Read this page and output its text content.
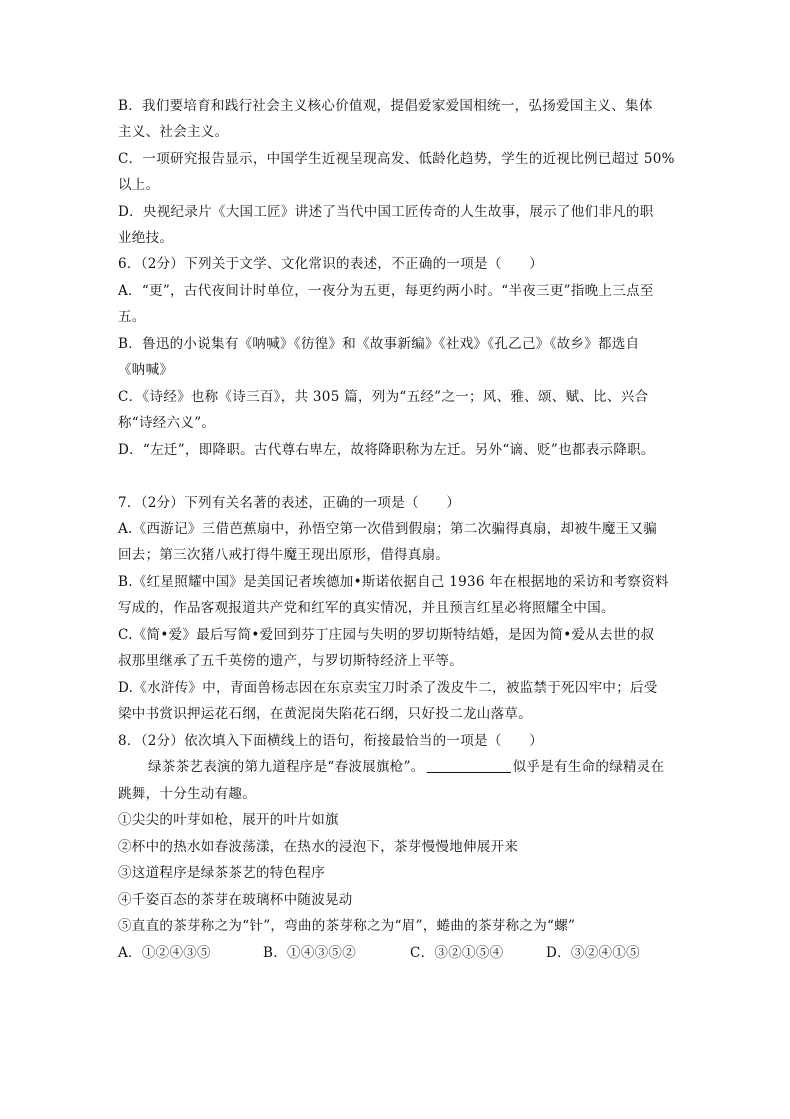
B．我们要培育和践行社会主义核心价值观，提倡爱家爱国相统一，弘扬爱国主义、集体
主义、社会主义。
C．一项研究报告显示，中国学生近视呈现高发、低龄化趋势，学生的近视比例已超过 50%
以上。
D．央视纪录片《大国工匠》讲述了当代中国工匠传奇的人生故事，展示了他们非凡的职
业绝技。
6．（2分）下列关于文学、文化常识的表述，不正确的一项是（　　）
A．“更”，古代夜间计时单位，一夜分为五更，每更约两小时。“半夜三更”指晚上三点至
五。
B．鲁迅的小说集有《呐喊》《彷徨》和《故事新编》《社戏》《孔乙己》《故乡》都选自
《呐喊》
C．《诗经》也称《诗三百》，共 305 篇，列为“五经”之一；风、雅、颂、赋、比、兴合
称“诗经六义”。
D．“左迁”，即降职。古代尊右卑左，故将降职称为左迁。另外“谪、贬”也都表示降职。
7．（2分）下列有关名著的表述，正确的一项是（　　）
A.《西游记》三借芭蕉扇中，孙悟空第一次借到假扇；第二次骗得真扇，却被牛魔王又骗
回去；第三次猪八戒打得牛魔王现出原形，借得真扇。
B.《红星照耀中国》是美国记者埃德加•斯诺依据自己 1936 年在根据地的采访和考察资料
写成的，作品客观报道共产党和红军的真实情况，并且预言红星必将照耀全中国。
C.《简•爱》最后写简•爱回到芬丁庄园与失明的罗切斯特结婚，是因为简•爱从去世的叔
叔那里继承了五千英傍的遗产，与罗切斯特经济上平等。
D.《水浒传》中，青面兽杨志因在东京卖宝刀时杀了泼皮牛二，被监禁于死囚牢中；后受
梁中书赏识押运花石纲，在黄泥岗失陷花石纲，只好投二龙山落草。
8．（2分）依次填入下面横线上的语句，衔接最恰当的一项是（　　）
绿茶茶艺表演的第九道程序是“春波展旗枪”。	似乎是有生命的绿精灵在
跳舞，十分生动有趣。
①尖尖的叶芽如枪，展开的叶片如旗
②杯中的热水如春波荡漾，在热水的浸泡下，茶芽慢慢地伸展开来
③这道程序是绿茶茶艺的特色程序
④千姿百态的茶芽在玻璃杯中随波晃动
⑤直直的茶芽称之为“针”，弯曲的茶芽称之为“眉”，蜷曲的茶芽称之为“螺”
A．①②④③⑤	B．①④③⑤②	C．③②①⑤④	D．③②④①⑤
